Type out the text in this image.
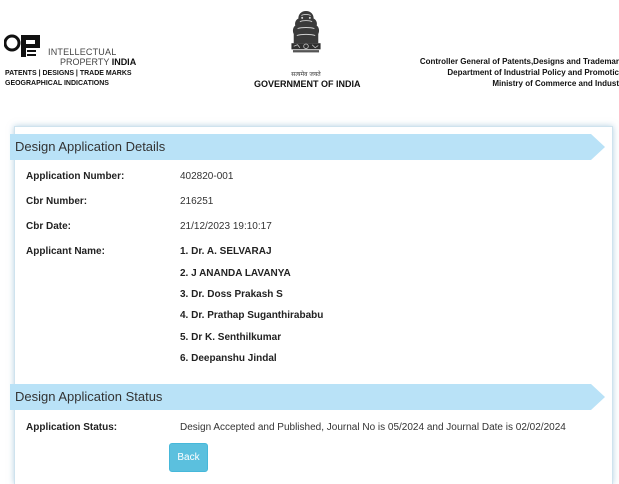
INTELLECTUAL
PROPERTY INDIA
PATENTS | DESIGNS | TRADE MARKS
GEOGRAPHICAL INDICATIONS
सत्यमेव जयते
GOVERNMENT OF INDIA
Controller General of Patents,Designs and Trademar
Department of Industrial Policy and Promotic
Ministry of Commerce and Indust
Design Application Details
Application Number:	402820-001
Cbr Number:	216251
Cbr Date:	21/12/2023 19:10:17
Applicant Name:	1. Dr. A. SELVARAJ
2. J ANANDA LAVANYA
3. Dr. Doss Prakash S
4. Dr. Prathap Suganthirababu
5. Dr K. Senthilkumar
6. Deepanshu Jindal
Design Application Status
Application Status:	Design Accepted and Published, Journal No is 05/2024 and Journal Date is 02/02/2024
Back
